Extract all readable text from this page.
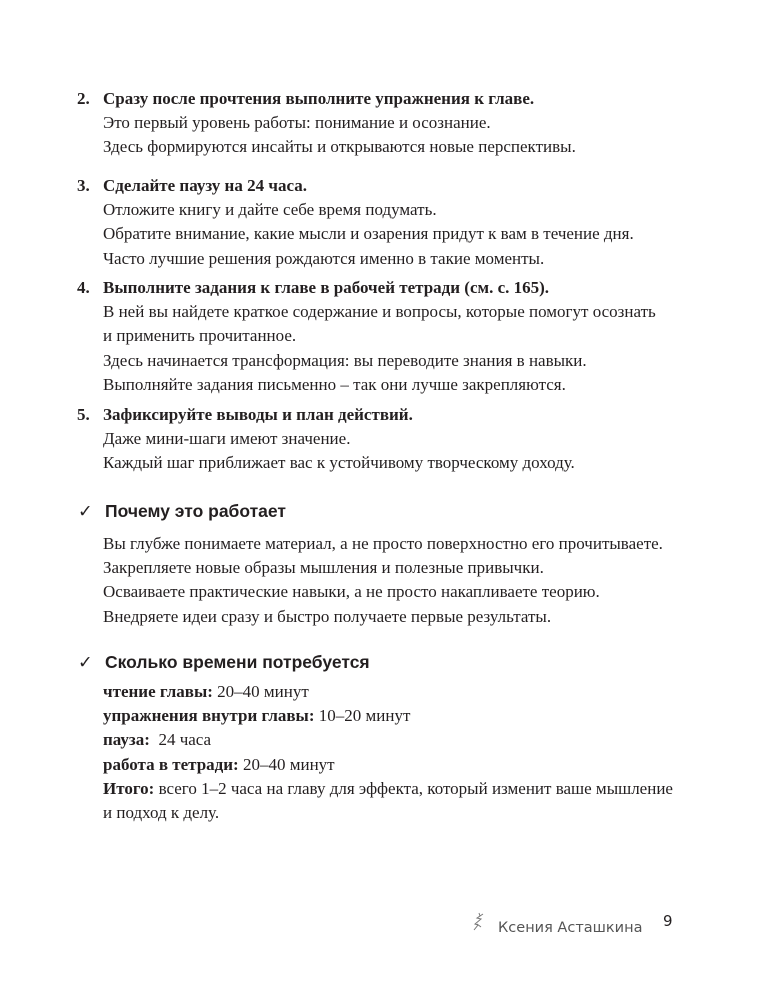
2. Сразу после прочтения выполните упражнения к главе.

Это первый уровень работы: понимание и осознание.

Здесь формируются инсайты и открываются новые перспективы.

3. Сделайте паузу на 24 часа.

Отложите книгу и дайте себе время подумать.

Обратите внимание, какие мысли и озарения придут к вам в течение дня.

Часто лучшие решения рождаются именно в такие моменты.

4. Выполните задания к главе в рабочей тетради (см. с. 165).

В ней вы найдете краткое содержание и вопросы, которые помогут осознать

и применить прочитанное.

Здесь начинается трансформация: вы переводите знания в навыки.

Выполняйте задания письменно – так они лучше закрепляются.

5. Зафиксируйте выводы и план действий.

Даже мини-шаги имеют значение.

Каждый шаг приближает вас к устойчивому творческому доходу.

✓ Почему это работает

Вы глубже понимаете материал, а не просто поверхностно его прочитываете.

Закрепляете новые образы мышления и полезные привычки.

Осваиваете практические навыки, а не просто накапливаете теорию.

Внедряете идеи сразу и быстро получаете первые результаты.

✓ Сколько времени потребуется

чтение главы: 20–40 минут

упражнения внутри главы: 10–20 минут

пауза:  24 часа

работа в тетради: 20–40 минут

Итого: всего 1–2 часа на главу для эффекта, который изменит ваше мышление

и подход к делу.

Ксения Асташкина 9
